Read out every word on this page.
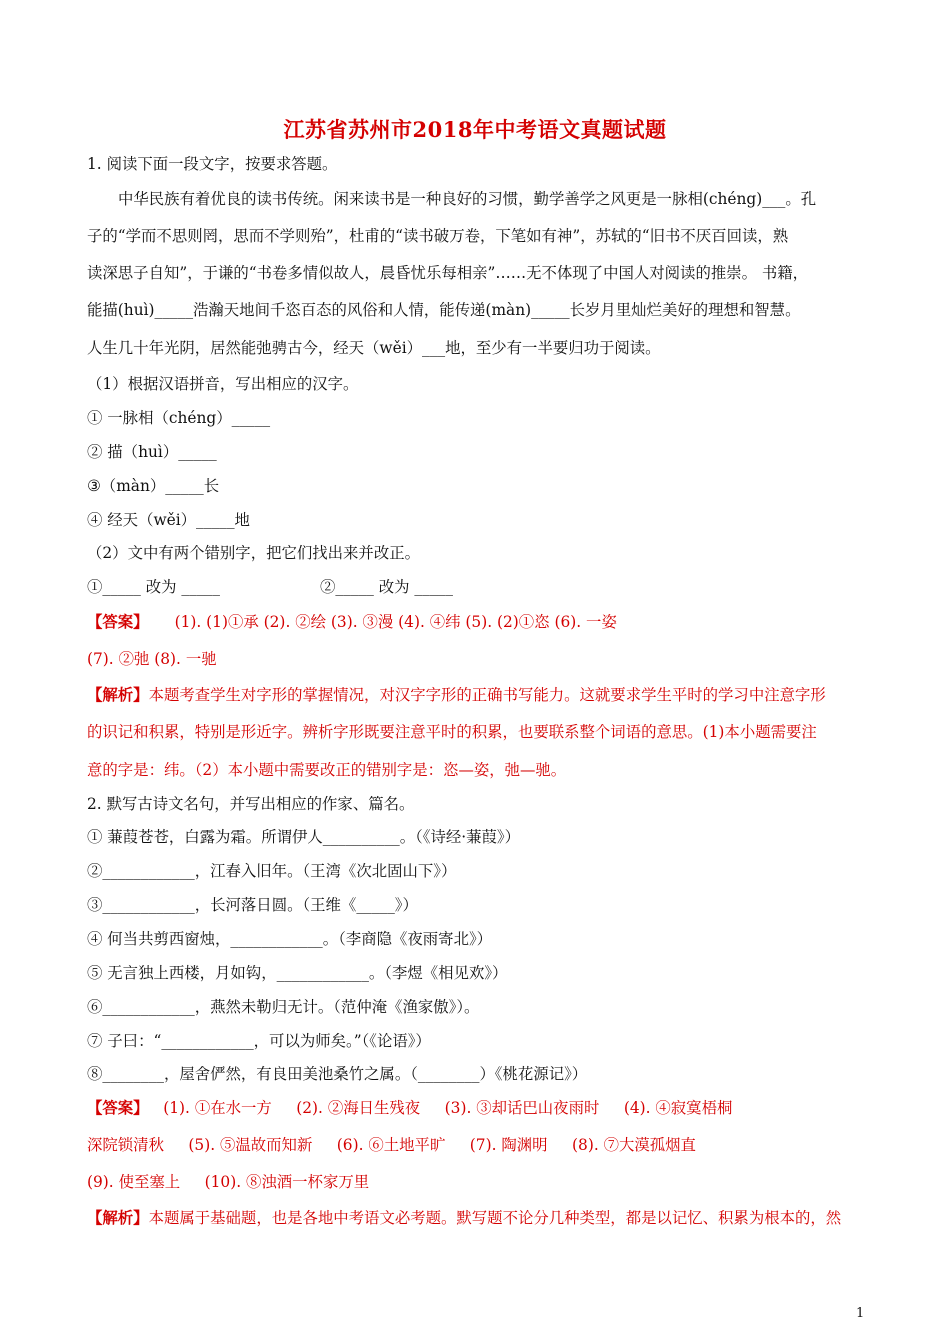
江苏省苏州市2018年中考语文真题试题
1. 阅读下面一段文字，按要求答题。
中华民族有着优良的读书传统。闲来读书是一种良好的习惯，勤学善学之风更是一脉相(chéng)___。孔
子的“学而不思则罔，思而不学则殆”，杜甫的“读书破万卷，下笔如有神”，苏轼的“旧书不厌百回读，熟
读深思子自知”，于谦的“书卷多情似故人，晨昏忧乐每相亲”……无不体现了中国人对阅读的推崇。 书籍，
能描(huì)_____浩瀚天地间千恣百态的风俗和人情，能传递(màn)_____长岁月里灿烂美好的理想和智慧。
人生几十年光阴，居然能弛骋古今，经天（wěi）___地，至少有一半要归功于阅读。
（1）根据汉语拼音，写出相应的汉字。
① 一脉相（chéng）_____
② 描（huì）_____
③（màn）_____长
④ 经天（wěi）_____地
（2）文中有两个错别字，把它们找出来并改正。
①_____ 改为 _____	②_____ 改为 _____
【答案】 (1). (1)①承 (2). ②绘 (3). ③漫 (4). ④纬 (5). (2)①恣 (6). 一姿
(7). ②弛 (8). 一驰
【解析】本题考查学生对字形的掌握情况，对汉字字形的正确书写能力。这就要求学生平时的学习中注意字形
的识记和积累，特别是形近字。辨析字形既要注意平时的积累，也要联系整个词语的意思。(1)本小题需要注
意的字是：纬。（2）本小题中需要改正的错别字是：恣—姿，弛—驰。
2. 默写古诗文名句，并写出相应的作家、篇名。
① 蒹葭苍苍，白露为霜。所谓伊人__________。（《诗经·蒹葭》）
②____________，江春入旧年。（王湾《次北固山下》）
③____________，长河落日圆。（王维《_____》）
④ 何当共剪西窗烛，____________。（李商隐《夜雨寄北》）
⑤ 无言独上西楼，月如钩，____________。（李煜《相见欢》）
⑥____________，燕然未勒归无计。（范仲淹《渔家傲》）。
⑦ 子曰：“____________，可以为师矣。”（《论语》）
⑧________，屋舍俨然，有良田美池桑竹之属。（________）《桃花源记》）
【答案】   (1). ①在水一方     (2). ②海日生残夜     (3). ③却话巴山夜雨时     (4). ④寂寞梧桐
深院锁清秋     (5). ⑤温故而知新     (6). ⑥土地平旷     (7). 陶渊明     (8). ⑦大漠孤烟直
(9). 使至塞上     (10). ⑧浊酒一杯家万里
【解析】本题属于基础题，也是各地中考语文必考题。默写题不论分几种类型，都是以记忆、积累为根本的，然
1
